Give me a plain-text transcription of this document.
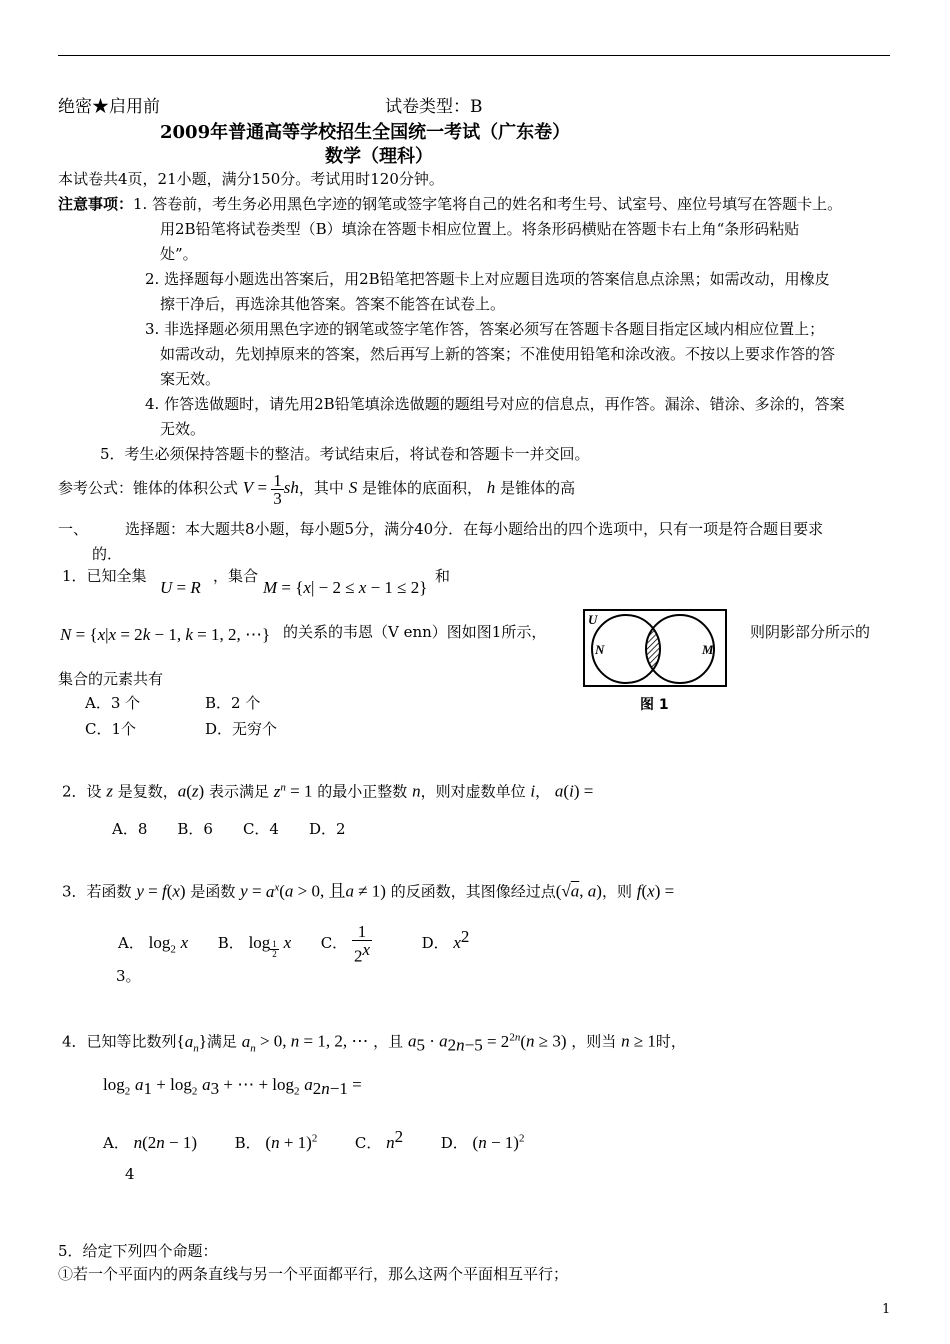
绝密★启用前	试卷类型：B
2009年普通高等学校招生全国统一考试（广东卷）
数学（理科）
本试卷共4页，21小题，满分150分。考试用时120分钟。
注意事项：1. 答卷前，考生务必用黑色字迹的钢笔或签字笔将自己的姓名和考生号、试室号、座位号填写在答题卡上。
用2B铅笔将试卷类型（B）填涂在答题卡相应位置上。将条形码横贴在答题卡右上角“条形码粘贴
处”。
2. 选择题每小题选出答案后，用2B铅笔把答题卡上对应题目选项的答案信息点涂黑；如需改动，用橡皮
擦干净后，再选涂其他答案。答案不能答在试卷上。
3. 非选择题必须用黑色字迹的钢笔或签字笔作答，答案必须写在答题卡各题目指定区域内相应位置上；
如需改动，先划掉原来的答案，然后再写上新的答案；不准使用铅笔和涂改液。不按以上要求作答的答
案无效。
4. 作答选做题时，请先用2B铅笔填涂选做题的题组号对应的信息点，再作答。漏涂、错涂、多涂的，答案
无效。
5．考生必须保持答题卡的整洁。考试结束后，将试卷和答题卡一并交回。
参考公式：锥体的体积公式 $V = \frac{1}{3}$ sh，其中 S 是锥体的底面积， h 是锥体的高
一、 选择题：本大题共8小题，每小题5分，满分40分．在每小题给出的四个选项中，只有一项是符合题目要求
的．
1．已知全集
U = R
，集合
M = {x| − 2 ≤ x − 1 ≤ 2}
和
N = {x|x = 2k − 1, k = 1, 2, ⋯} 的关系的韦恩（V enn）图如图1所示，	则阴影部分所示的
集合的元素共有
A．3 个	B．2 个
C．1个	D．无穷个
U
N	M
图 1
2．设 z 是复数，a(z) 表示满足 $z^n = 1$ 的最小正整数 n，则对虚数单位 i， a(i) =
A．8　　B．6　　C．4　　D．2
3．若函数 y = f(x) 是函数 $y = a^x(a > 0$, 且a ≠ 1) 的反函数，其图像经过点(√a, a)，则 f(x) =
A． $\log_2 x$ B． log $_{\frac{1}{2}}$ x C． $\frac{1}{2^x}$	D． $x^2$
3。
4．已知等比数列$\{a_n\}$满足 $a_n > 0$, n = 1, 2, ⋯ ，且 $a_5 \cdot a_{2n-5} = 2^{2n}(n \ge 3)$ ，则当 n ≥ 1时，
$\log_2 a_1 + \log_2 a_3$ + ⋯ + $\log_2 a_{2n-1}$ =
A． n(2n − 1)	B． $(n + 1)^2$	C． $n^2$	D． $(n - 1)^2$
4
5．给定下列四个命题：
①若一个平面内的两条直线与另一个平面都平行，那么这两个平面相互平行；
1
